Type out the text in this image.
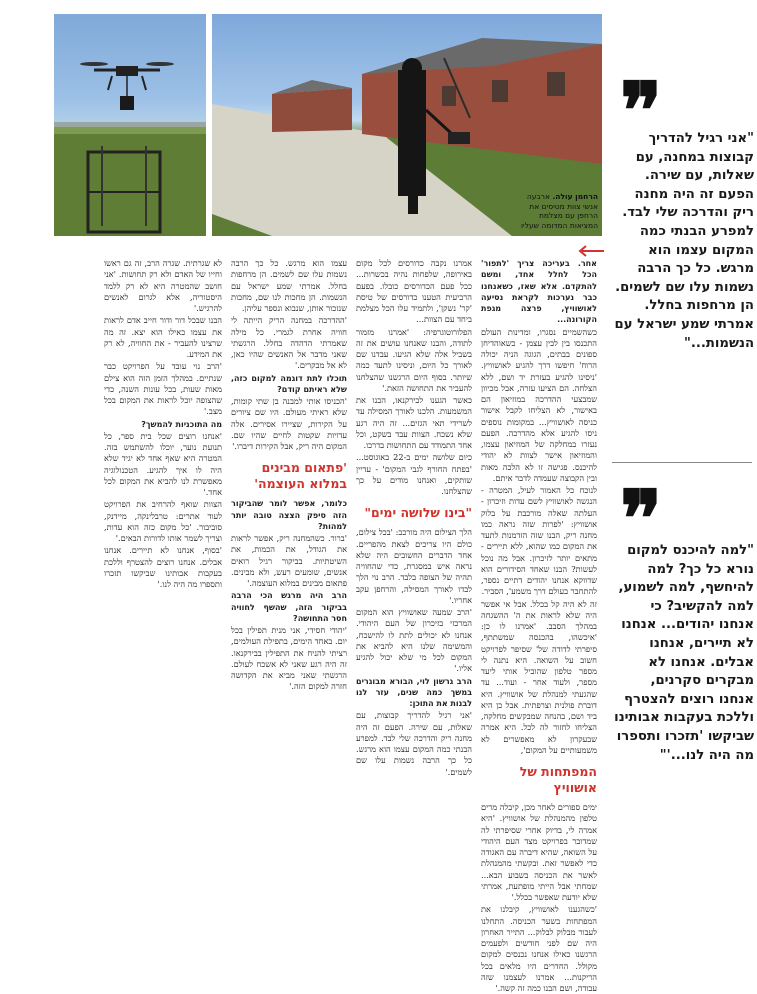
הרחמן עולה. ארבעה אנשי צוות מטיסים את הרחפן עם מצלמת המציאות המדומה שעליו
❞
"אני רגיל להדריך קבוצות במחנה, עם שאלות, עם שירה. הפעם זה היה מחנה ריק והדרכה שלי לבד. למפרע הבנתי כמה המקום עצמו הוא מרגש. כל כך הרבה נשמות עלו שם לשמים. הן מרחפות בחלל. אמרתי שמע ישראל עם הנשמות..."
❞
"למה להיכנס למקום נורא כל כך? למה להיחשף, למה לשמוע, למה להקשיב? כי אנחנו יהודים... אנחנו לא תיירים, אנחנו אבלים. אנחנו לא מבקרים סקרנים, אנחנו רוצים להצטרף וללכת בעקבות אבותינו שביקשו 'תזכרו ותספרו מה היה לנו...'"

אחר. בעריכה צריך 'לתפור' הכל לחלל אחד, ומשם להתקדם. אלא שאז, כשאנחנו כבר נערכות לקראת נסיעה לאושוויץ, פרצה מגפת הקורונה...

כשהשמיים נסגרו, ומדינות העולם התכנסו בין לבין עצמן - כשאוהדיחן ספונים בבתים, הגוגה הניה יכולה הרוח' חיפשו דרך להגיע לאושוויץ. 'ניסינו להגיע בעזרת יד ושם, ללא הצלחה. הם הציעו עזרה, אבל מכיוון שמבצעי ההדרכה במוזיאון הם באישור, לא הצליחו לקבל אישור כניסה לאושוויץ... במקומות נוספים ניסו להגיע אלא מהדרכה. הפעם נעזרו במחלקה של המוזיאון עצמו, והמוזיאון אישר לצוות לא יהודי להיכנס. פגישה זו לא הלכה מאות ובין הקבוצה שעמדה לדבר איתם.

לנוכח כל האמור לעיל, המטרה - הנגשה לאושוויץ לשם עדות וזיכרון - העלתה שאלה מורכבת על בלוק אושוויץ: 'לפרות שזה נראה כמו מחנה ריק, הבנו שזה הזדמנות לתעד את המקום כמו שהוא, ללא תיירים - מתאים יותר לזיכרון. אבל מה נוכל לעשות? הבנו שאחד הסידורים הוא שדווקא אנחנו יהודים דתיים נספר, להתחבר בעולם דרך משמע', הסביר.

זה לא היה קל בכלל. אבל אי אפשר היה שלא לראות את ה' ההשגחה במהלך הסבב. 'אמרנו לו כן: 'איכשהו, בהכנסה שמשתתף, סיפרתי לדודה של' שסיפר לפרויקט חשוב על השואה. היא נתנה לי מספר טלפון שהוביל אותי ליעד מספר, ולעוד אחר - ועוד... עד שהגעתי למנהלת של אושוויץ. היא דוברת פולנית וצרפתית. אבל כן היא ביד ושם, בהנחה שמבקשים מחלקה, הצליחו לחזור לה לכל. היא אמרה שבעקרון לא מאפשרים לא משמעותיים על המקום',

המפתחות של אושוויץ

ימים ספורים לאחר מכן, קיבלה מרים טלפון מהמנהלת של אושוויץ. 'היא אמרה לי, בדיוק אחרי שסיפרתי לה שמדובר בפרויקט מצד העם היהודי על השואה, שהיא דיברה עם האגודה כדי לאפשר זאת. ובקשתי מהמנהלת לאשר את הכניסה בשבוע הבא... שמחתי אבל הייתי מופתעת, אמרתי שלא יודעת שאפשר בכלל.'

'כשהגענו לאושוויץ, קיבלנו את המפתחות בשער הכניסה. התחלנו לעבור מבלוק לבלוק... התייר האחרון היה שם לפני חודשים ולפעמים הרגשנו כאילו אנחנו נכנסים למקום מקולל. החדרים היו מלאים בכל הריקנות... אמרנו לעצמנו שזה עבודה, ושם הבנו כמה זה קשה.'

אמרנו נקבה כדורסים לכל מקום באירופה, שלפחות נהיה בכשרות... ככל פעם הכדורסים כובלו. בפעם הרביעית הטענו כדורסים של טיסת 'קר' נשקן', ולתמיד עלו הכל מצלמת ביחד עם הצוות...

הפלורוטוגרפיה: 'אמרנו מזמור לתודה, והבנו שאנחנו עושים את זה בשביל אלה שלא הגיעו. עבדנו שם לאורך כל היום, וניסינו לתעד כמה שיותר. בסוף היום הרגשנו שהצלחנו להעביר את התחושה הזאת.'

כאשר הגענו לבירקנאו, הבנו את המשמעות. הלכנו לאורך המסילה עד לשרידי תאי הגזים... זה היה רגע שלא נשכח. הצוות עבד בשקט, וכל אחד התמודד עם התחושות בדרכו.

כיום שלושה ימים ב-22 באוגוסט... 'בפתח החורף לגבי המקום' - עדיין שותקים, ואנחנו מודים על כך שהצלחנו.

"בינו שלושה ימים"

הלך הצילום היה מורכב: 'בכל צילום, כולם היו צריכים לצאת מהפריים. אחד הדברים החשובים היה שלא נראה איש במסגרת, כדי שהחוויה תהיה של הצופה בלבד. הרב נוי הלך לבדו לאורך המסילה, והרחפן עקב אחריו.'

'הרב שמעה שאושוויץ הוא המקום המרכזי בזיכרון של העם היהודי. אנחנו לא יכולים לתת לו להישכח, והמשימה שלנו היא להביא את המקום לכל מי שלא יכול להגיע אליו.'

הרב גרשון לוי, הבורא מבוגרים במשך כמה שנים, עזר לנו לבנות את התוכן:

'אני רגיל להדריך קבוצות, עם שאלות, עם שירה. הפעם זה היה מחנה ריק והדרכה שלי לבד. למפרע הבנתי כמה המקום עצמו הוא מרגש. כל כך הרבה נשמות עלו שם לשמים.'

עצמו הוא מרגש. כל כך הרבה נשמות עלו שם לשמים. הן מרחפות בחלל. אמרתי שמע ישראל עם הנשמות. הן מחכות לנו שם, מחכות שנזכור אותן, שנבוא ונספר עליהן.

'ההדרכה במחנה הריק הייתה לי חוויה אחרת לגמרי. כל מילה שאמרתי הדהדה בחלל. הרגשתי שאני מדבר אל האנשים שהיו כאן, לא אל מבקרים.'

תוכלו לתת דוגמה למקום כזה, שלא ראיתם קודם?

'הכניסו אותי למבנה בן שתי קומות, שלא ראיתי מעולם. היו שם ציורים על הקירות, שציירו אסירים. אלה עדויות שקטות לחיים שהיו שם. המקום היה ריק, אבל הקירות דיברו.'

'פתאום מבינים במלוא העוצמה'

כלומר, אפשר לומר שהביקור הזה סיפק הצצה טובה יותר למהות?

'ברור. כשהמחנה ריק, אפשר לראות את הגודל, את הכמות, את השיטתיות. בביקור רגיל רואים אנשים, שומעים רעש, ולא מבינים. פתאום מבינים במלוא העוצמה.'

הרב היה מרגש הכי הרבה בביקור הזה, שהשף לחוויה חסר התחושה?

'יהודי חסידי, אני מנית תפילין בכל יום. באחד הימים, בתפילת העולמים, רציתי להניח את התפילין בבירקנאו. זה היה רגע שאני לא אשכח לעולם. הרגשתי שאני מביא את הקדושה חזרה למקום הזה.'

לא שגרתית. שגרה הרב, זה גם ראשו וחייו של האדם ולא רק תחושות. 'אני חושב שהמטרה היא לא רק ללמד היסטוריה, אלא לגרום לאנשים להרגיש.'

הבנו שבכל דור ודור חייב אדם לראות את עצמו כאילו הוא יצא. זה מה שרצינו להעביר - את החוויה, לא רק את המידע.

'הרב נוי עובד על הפרויקט כבר שנתיים. במהלך הזמן הזה הוא צילם מאות שעות, בכל עונות השנה, כדי שהצופה יוכל לראות את המקום בכל מצב.'

מה התוכניות להמשך?

'אנחנו רוצים שכל בית ספר, כל תנועת נוער, יוכלו להשתמש בזה. המטרה היא שאף אחד לא יגיד שלא היה לו איך להגיע. הטכנולוגיה מאפשרת לנו להביא את המקום לכל אחד.'

הצוות שואף להרחיב את הפרויקט לעוד אתרים: טרבלינקה, מיידנק, סוביבור. 'כל מקום כזה הוא עדות, וצריך לשמר אותו לדורות הבאים.'

'בסוף, אנחנו לא תיירים. אנחנו אבלים. אנחנו רוצים להצטרף וללכת בעקבות אבותינו שביקשו תזכרו ותספרו מה היה לנו.'
